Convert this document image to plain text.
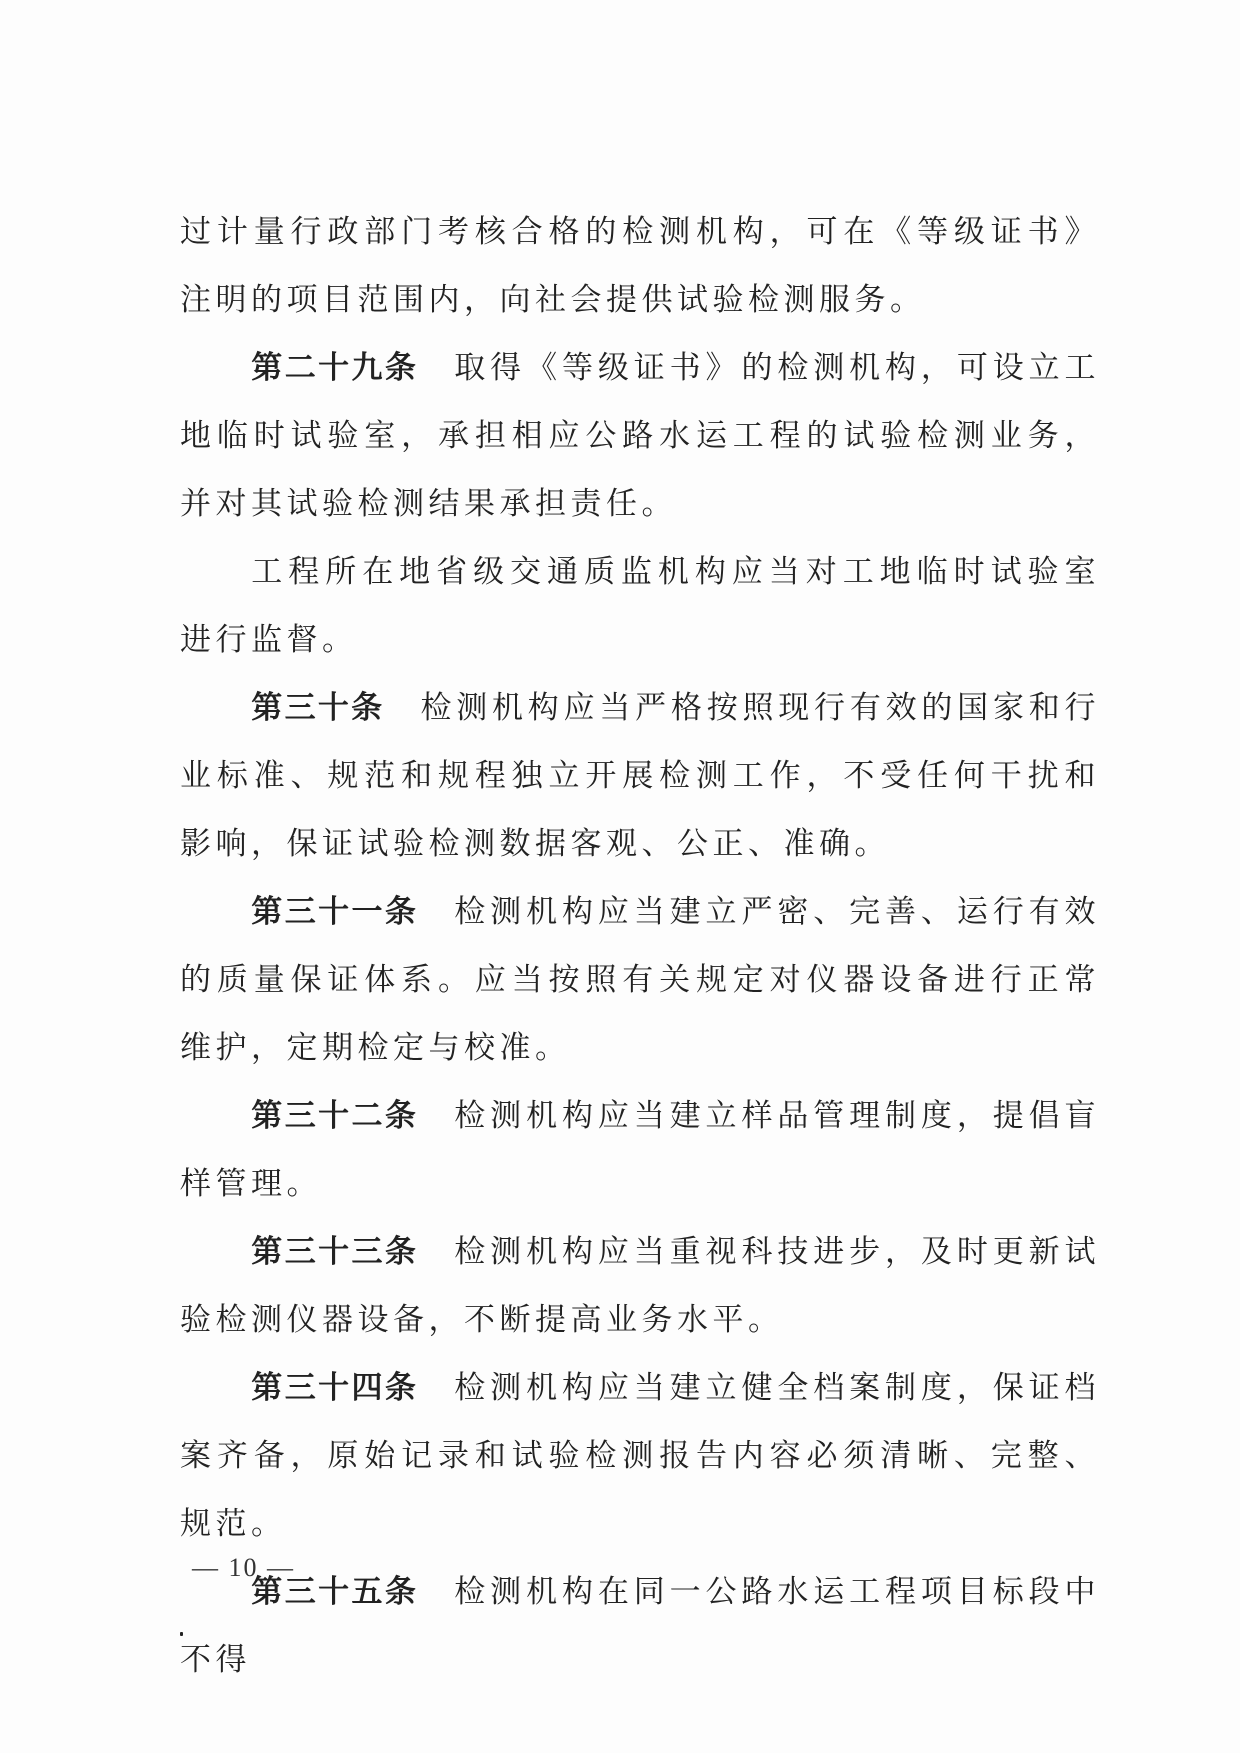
过计量行政部门考核合格的检测机构，可在《等级证书》注明的项目范围内，向社会提供试验检测服务。

第二十九条 取得《等级证书》的检测机构，可设立工地临时试验室，承担相应公路水运工程的试验检测业务，并对其试验检测结果承担责任。

工程所在地省级交通质监机构应当对工地临时试验室进行监督。

第三十条 检测机构应当严格按照现行有效的国家和行业标准、规范和规程独立开展检测工作，不受任何干扰和影响，保证试验检测数据客观、公正、准确。

第三十一条 检测机构应当建立严密、完善、运行有效的质量保证体系。应当按照有关规定对仪器设备进行正常维护，定期检定与校准。

第三十二条 检测机构应当建立样品管理制度，提倡盲样管理。

第三十三条 检测机构应当重视科技进步，及时更新试验检测仪器设备，不断提高业务水平。

第三十四条 检测机构应当建立健全档案制度，保证档案齐备，原始记录和试验检测报告内容必须清晰、完整、规范。

第三十五条 检测机构在同一公路水运工程项目标段中不得

— 10 —
